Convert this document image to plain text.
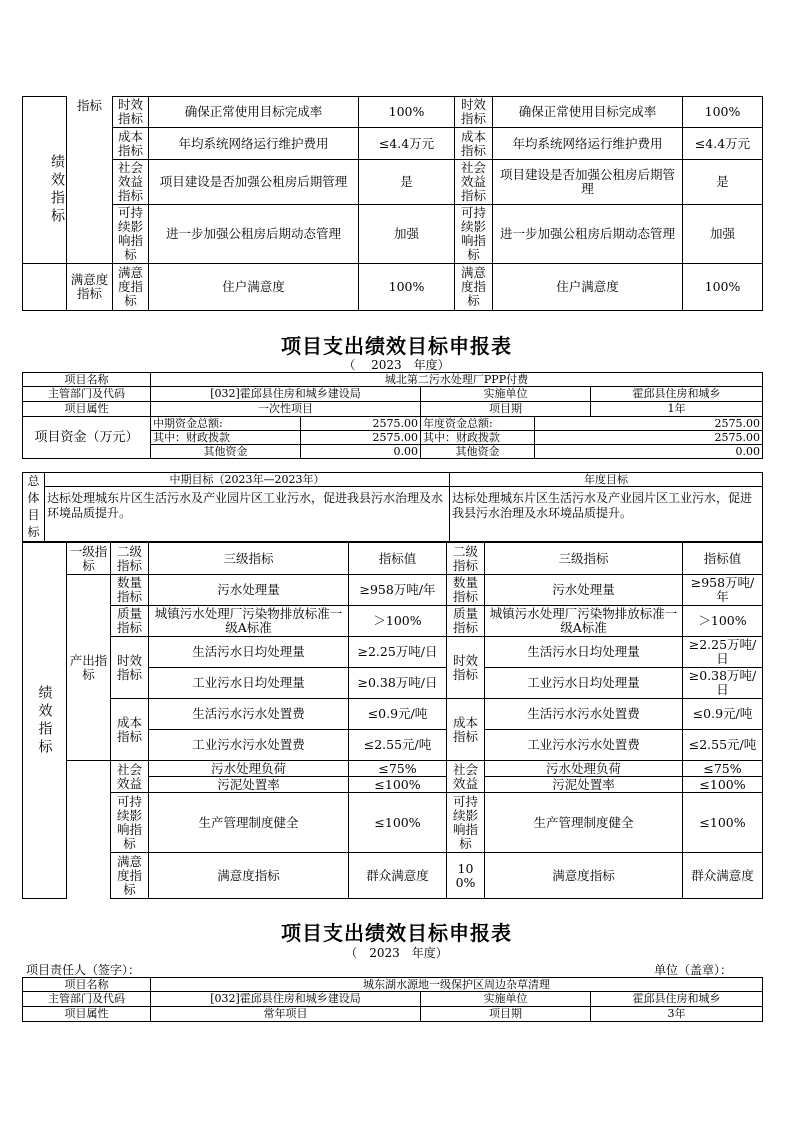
绩效指标	指标	时效指标	确保正常使用目标完成率	100%	时效指标	确保正常使用目标完成率	100%
		成本指标	年均系统网络运行维护费用	≤4.4万元	成本指标	年均系统网络运行维护费用	≤4.4万元
		社会效益指标	项目建设是否加强公租房后期管理	是	社会效益指标	项目建设是否加强公租房后期管理	是
		可持续影响指标	进一步加强公租房后期动态管理	加强	可持续影响指标	进一步加强公租房后期动态管理	加强
	满意度指标	满意度指标	住户满意度	100%	满意度指标	住户满意度	100%
项目支出绩效目标申报表
（　 2023　年度）
项目名称	城北第二污水处理厂PPP付费				
主管部门及代码	[032]霍邱县住房和城乡建设局		实施单位		霍邱县住房和城乡
项目属性	一次性项目		项目期		1年
项目资金（万元）	中期资金总额:	2575.00	年度资金总额:	2575.00	
	其中：财政拨款	2575.00	其中：财政拨款	2575.00	
	其他资金	0.00	其他资金	0.00	
总体目标	中期目标（2023年—2023年）	年度目标
	达标处理城东片区生活污水及产业园片区工业污水，促进我县污水治理及水环境品质提升。	达标处理城东片区生活污水及产业园片区工业污水，促进我县污水治理及水环境品质提升。
绩效指标	一级指标	二级指标	三级指标	指标值	二级指标	三级指标	指标值	
	产出指标	数量指标	污水处理量	≥958万吨/年	数量指标	污水处理量	≥958万吨/年	
		质量指标	城镇污水处理厂污染物排放标准一级A标准	＞100%	质量指标	城镇污水处理厂污染物排放标准一级A标准	＞100%	
		时效指标	生活污水日均处理量	≥2.25万吨/日	时效指标	生活污水日均处理量	≥2.25万吨/日	
			工业污水日均处理量	≥0.38万吨/日		工业污水日均处理量	≥0.38万吨/日	
		成本指标	生活污水污水处置费	≤0.9元/吨	成本指标	生活污水污水处置费	≤0.9元/吨	
			工业污水污水处置费	≤2.55元/吨		工业污水污水处置费	≤2.55元/吨	
		社会效益	污水处理负荷	≤75%	社会效益	污水处理负荷	≤75%	
			污泥处置率	≤100%		污泥处置率	≤100%	
		可持续影响指标	生产管理制度健全	≤100%	可持续影响指标	生产管理制度健全	≤100%	
		满意度指标	满意度指标	群众满意度	100%	满意度指标	群众满意度	
项目支出绩效目标申报表
（　2023　年度）
项目责任人（签字）：	单位（盖章）：
项目名称	城东湖水源地一级保护区周边杂草清理		
主管部门及代码	[032]霍邱县住房和城乡建设局	实施单位	霍邱县住房和城乡
项目属性	常年项目	项目期	3年
